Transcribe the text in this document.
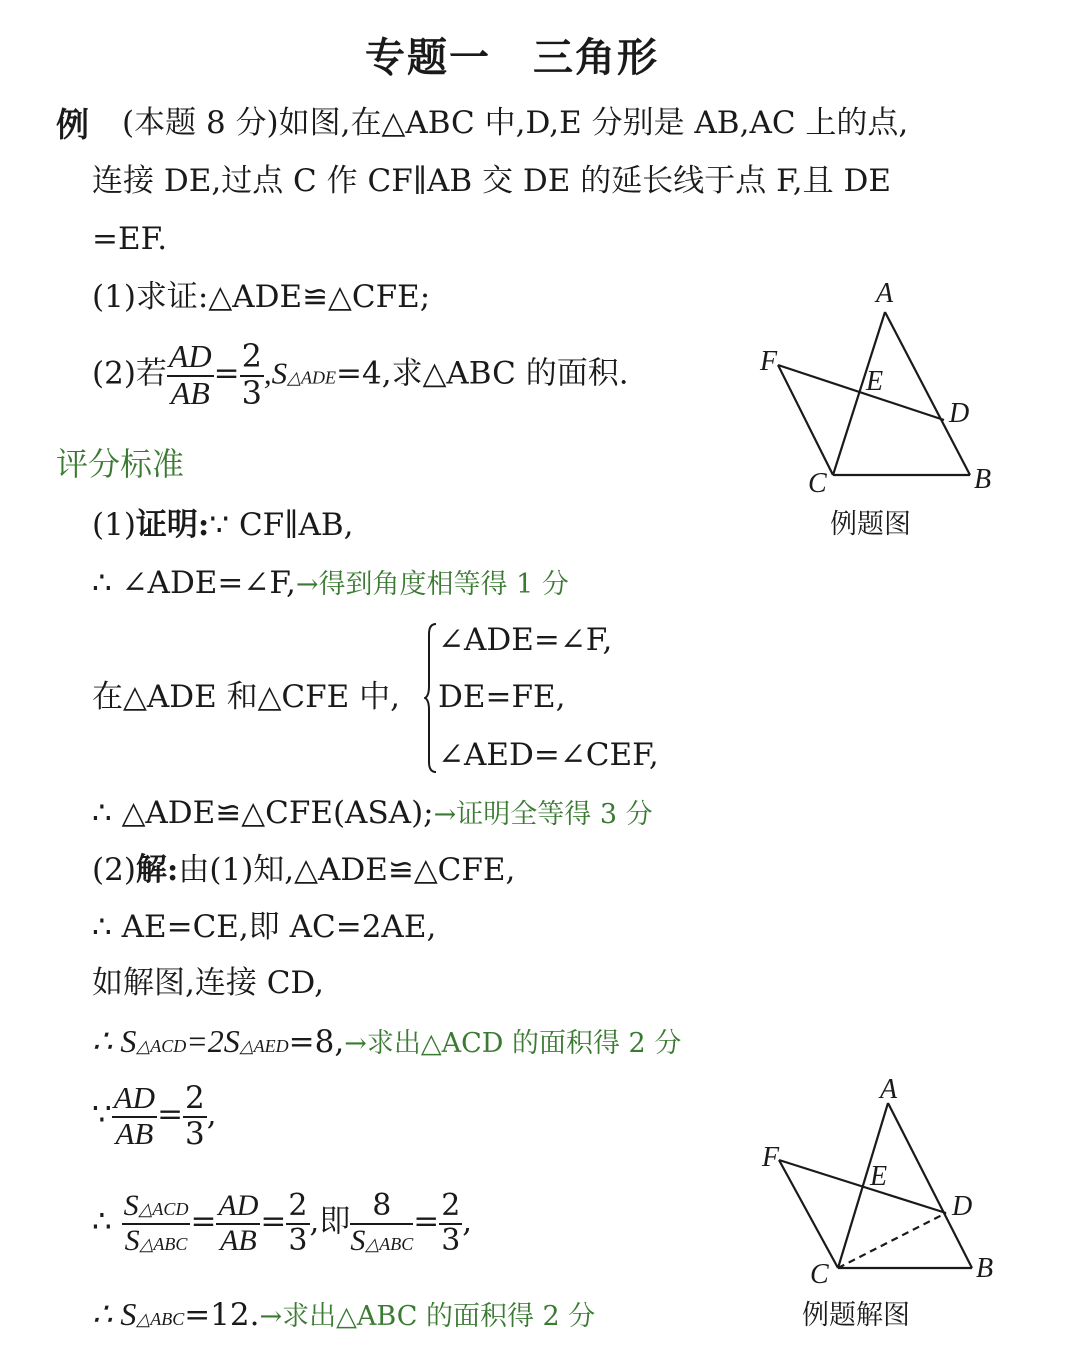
专题一　三角形
例 (本题 8 分)如图,在△ABC 中,D,E 分别是 AB,AC 上的点,
连接 DE,过点 C 作 CF∥AB 交 DE 的延长线于点 F,且 DE
=EF.
(1)求证:△ADE≌△CFE;
(2)若 $\frac{AD}{AB} = \frac{2}{3}$ ,S△ADE=4,求△ABC 的面积.
评分标准
(1)证明:∵ CF∥AB,
∴ ∠ADE=∠F,→得到角度相等得 1 分
在△ADE 和△CFE 中,
∠ADE=∠F,
DE=FE,
∠AED=∠CEF,
∴ △ADE≌△CFE(ASA);→证明全等得 3 分
(2)解:由(1)知,△ADE≌△CFE,
∴ AE=CE,即 AC=2AE,
如解图,连接 CD,
∴ S△ACD=2S△AED=8,→求出△ACD 的面积得 2 分
∵ $\frac{AD}{AB} = \frac{2}{3}$ ,
∴ $\frac{\text{S△ACD}}{\text{S△ABC}} = \frac{AD}{AB} = \frac{2}{3}$ ,即 $\frac{8}{\text{S△ABC}} = \frac{2}{3}$ ,
∴ S△ABC=12.→求出△ABC 的面积得 2 分
A
F
E
D
C	B
例题图
A
F
E
D
C	B
例题解图
